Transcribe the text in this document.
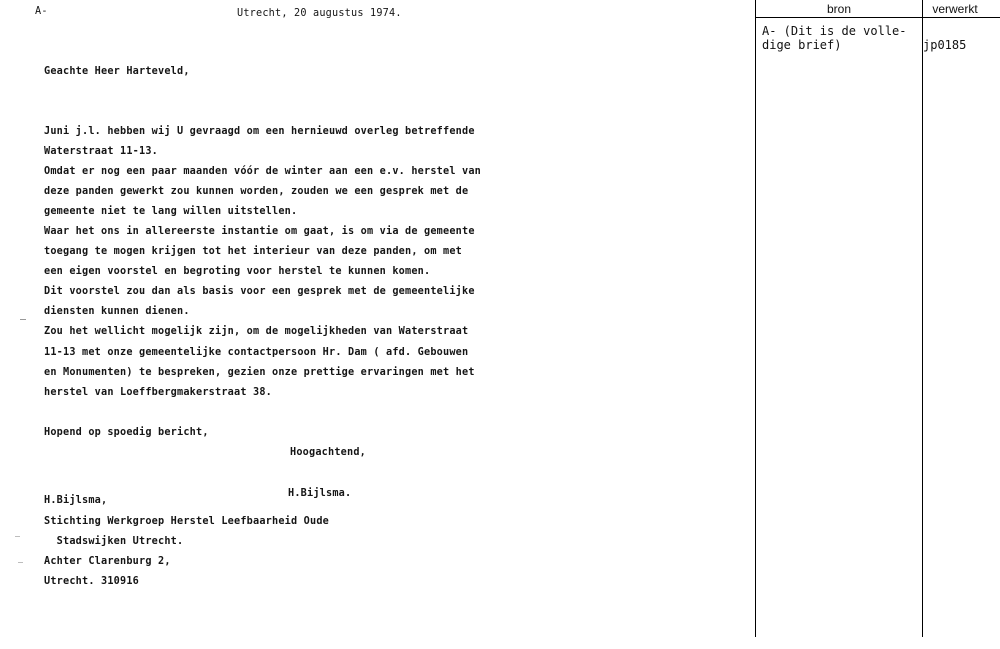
A-	Utrecht, 20 augustus 1974.
Geachte Heer Harteveld,
Juni j.l. hebben wij U gevraagd om een hernieuwd overleg betreffende
Waterstraat 11-13.
Omdat er nog een paar maanden vóór de winter aan een e.v. herstel van
deze panden gewerkt zou kunnen worden, zouden we een gesprek met de
gemeente niet te lang willen uitstellen.
Waar het ons in allereerste instantie om gaat, is om via de gemeente
toegang te mogen krijgen tot het interieur van deze panden, om met
een eigen voorstel en begroting voor herstel te kunnen komen.
Dit voorstel zou dan als basis voor een gesprek met de gemeentelijke
diensten kunnen dienen.
Zou het wellicht mogelijk zijn, om de mogelijkheden van Waterstraat
11-13 met onze gemeentelijke contactpersoon Hr. Dam ( afd. Gebouwen
en Monumenten) te bespreken, gezien onze prettige ervaringen met het
herstel van Loeffbergmakerstraat 38.
Hopend op spoedig bericht,
Hoogachtend,
H.Bijlsma.
H.Bijlsma,
Stichting Werkgroep Herstel Leefbaarheid Oude
Stadswijken Utrecht.
Achter Clarenburg 2,
Utrecht. 310916
bron	verwerkt
A- (Dit is de volle-
dige brief)	jp0185
